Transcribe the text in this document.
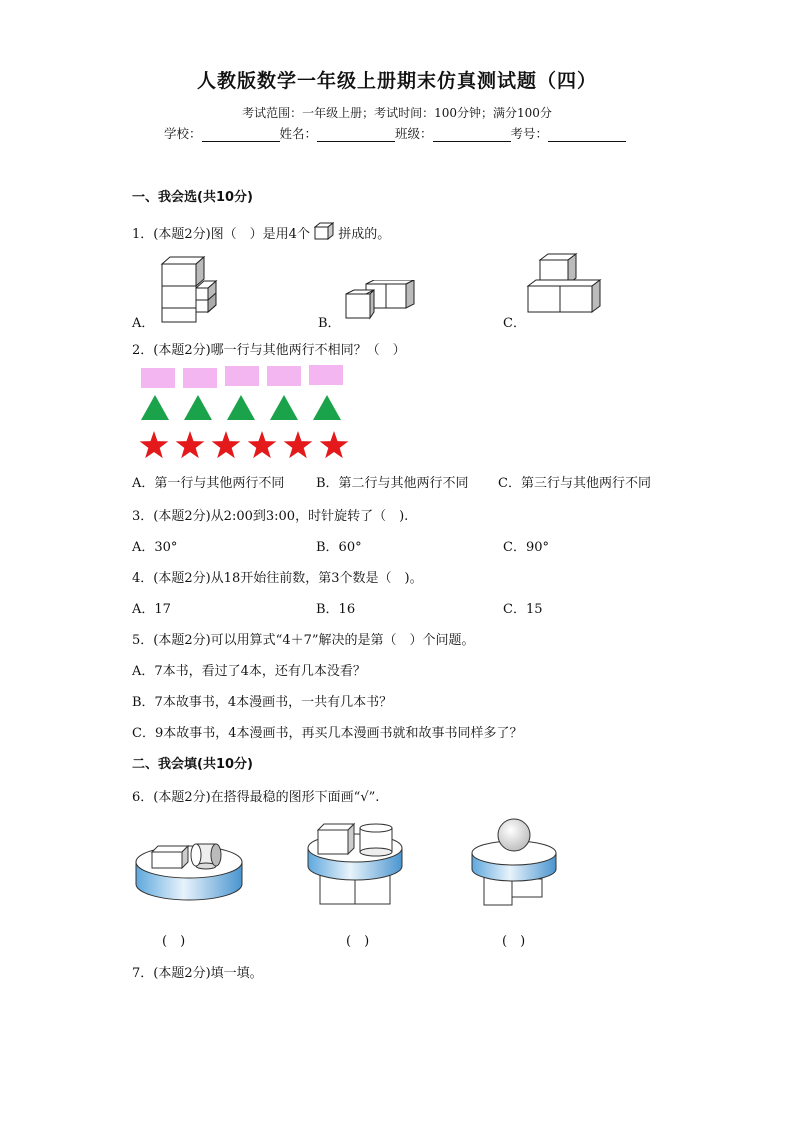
人教版数学一年级上册期末仿真测试题（四）
考试范围：一年级上册；考试时间：100分钟；满分100分
学校：	姓名：	班级：	考号：
一、我会选(共10分)
1．(本题2分)图（　）是用4个 拼成的。
A．	B．	C．
2．(本题2分)哪一行与其他两行不相同？（　）
A．第一行与其他两行不同 B．第二行与其他两行不同 C．第三行与其他两行不同
3．(本题2分)从2:00到3:00，时针旋转了（　).
A．30°	B．60°	C．90°
4．(本题2分)从18开始往前数，第3个数是（　)。
A．17	B．16	C．15
5．(本题2分)可以用算式“4＋7”解决的是第（　）个问题。
A．7本书，看过了4本，还有几本没看？
B．7本故事书，4本漫画书，一共有几本书？
C．9本故事书，4本漫画书，再买几本漫画书就和故事书同样多了？
二、我会填(共10分)
6．(本题2分)在搭得最稳的图形下面画“√”.
(　)	(　)	(　)
7．(本题2分)填一填。
